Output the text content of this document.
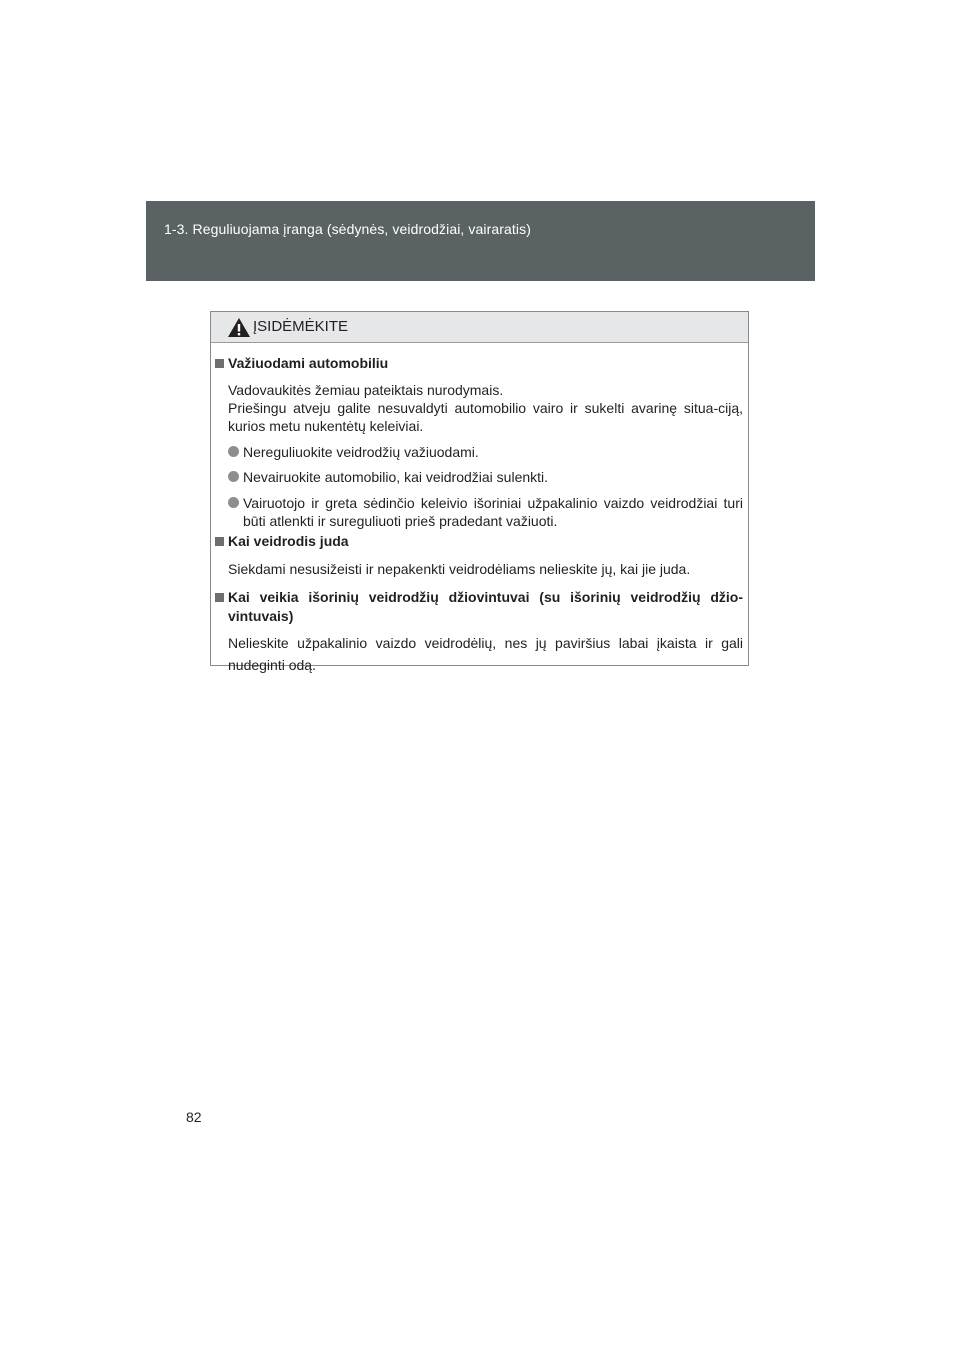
1-3. Reguliuojama įranga (sėdynės, veidrodžiai, vairaratis)
ĮSIDĖMĖKITE
Važiuodami automobiliu
Vadovaukitės žemiau pateiktais nurodymais.
Priešingu atveju galite nesuvaldyti automobilio vairo ir sukelti avarinę situa-ciją, kurios metu nukentėtų keleiviai.
Nereguliuokite veidrodžių važiuodami.
Nevairuokite automobilio, kai veidrodžiai sulenkti.
Vairuotojo ir greta sėdinčio keleivio išoriniai užpakalinio vaizdo veidrodžiai turi būti atlenkti ir sureguliuoti prieš pradedant važiuoti.
Kai veidrodis juda
Siekdami nesusižeisti ir nepakenkti veidrodėliams nelieskite jų, kai jie juda.
Kai veikia išorinių veidrodžių džiovintuvai (su išorinių veidrodžių džio-vintuvais)
Nelieskite užpakalinio vaizdo veidrodėlių, nes jų paviršius labai įkaista ir gali nudeginti odą.
82
